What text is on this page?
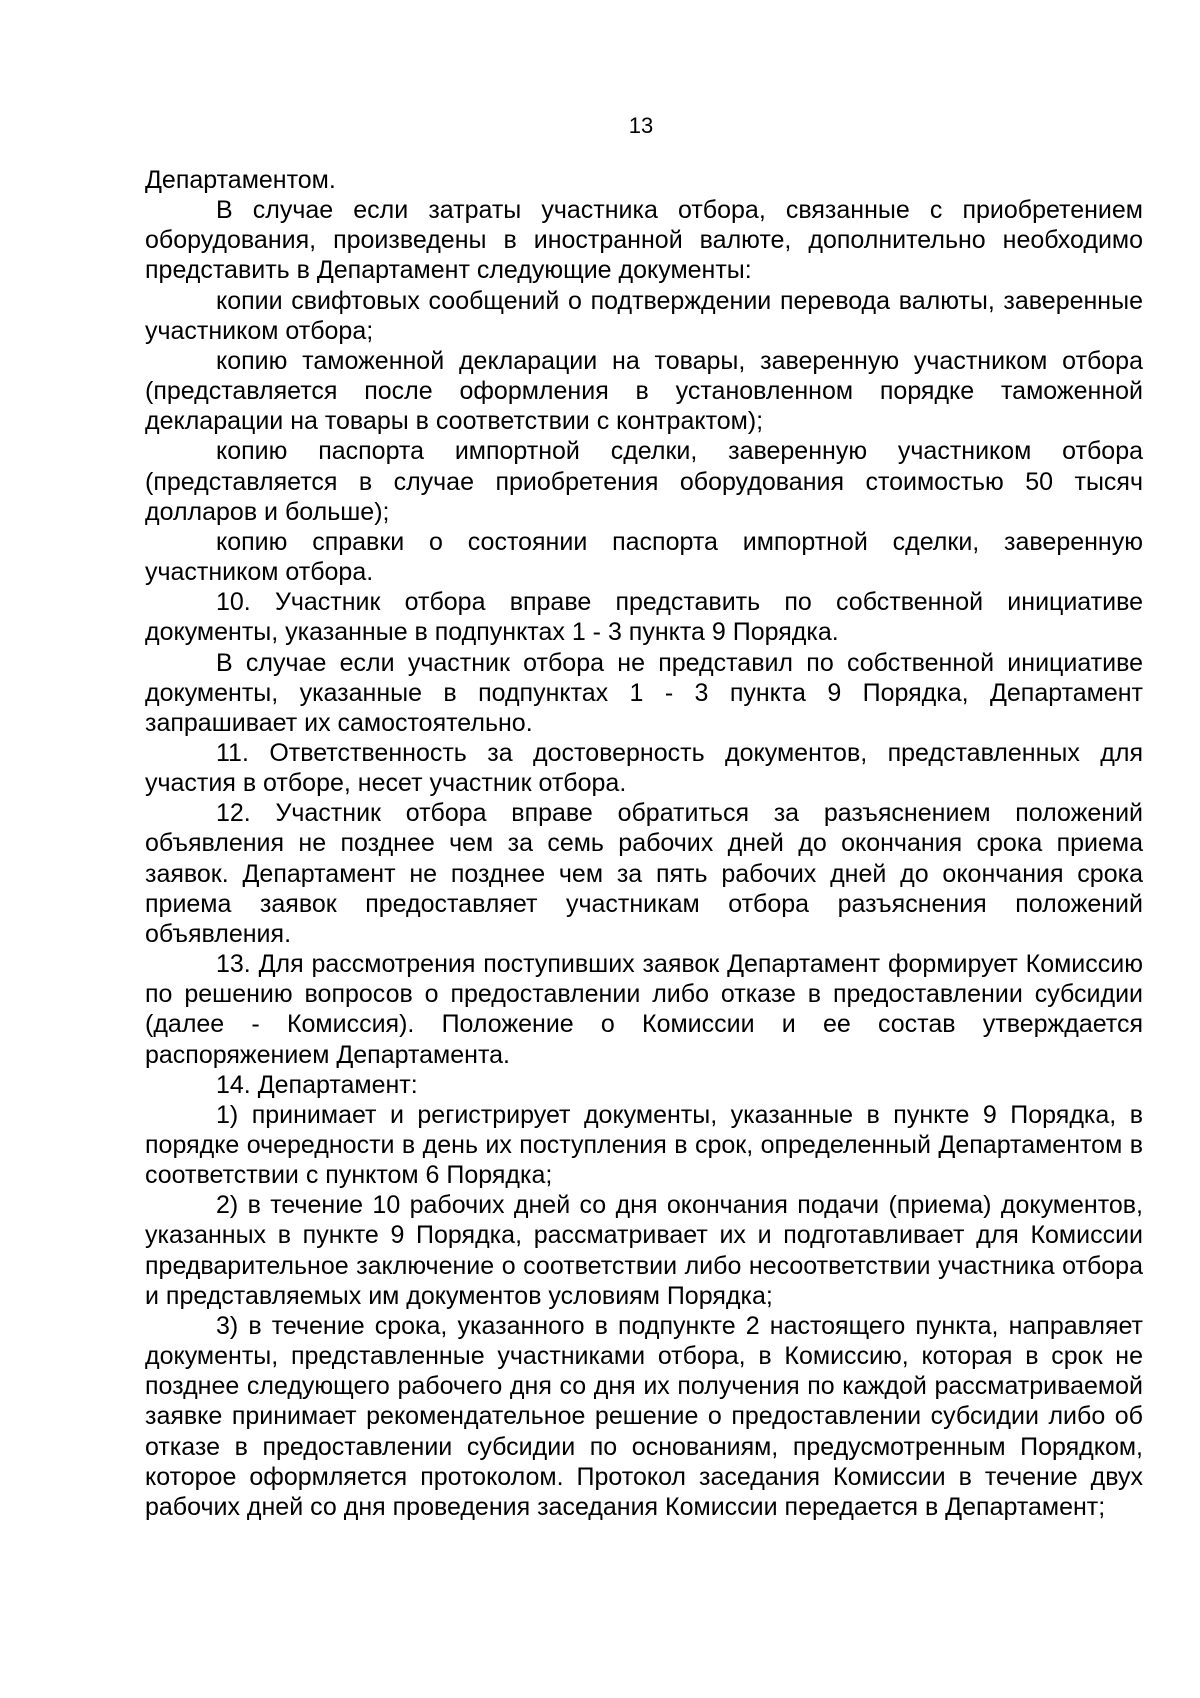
13

Департаментом.

В случае если затраты участника отбора, связанные с приобретением оборудования, произведены в иностранной валюте, дополнительно необходимо представить в Департамент следующие документы:

копии свифтовых сообщений о подтверждении перевода валюты, заверенные участником отбора;

копию таможенной декларации на товары, заверенную участником отбора (представляется после оформления в установленном порядке таможенной декларации на товары в соответствии с контрактом);

копию паспорта импортной сделки, заверенную участником отбора (представляется в случае приобретения оборудования стоимостью 50 тысяч долларов и больше);

копию справки о состоянии паспорта импортной сделки, заверенную участником отбора.

10. Участник отбора вправе представить по собственной инициативе документы, указанные в подпунктах 1 - 3 пункта 9 Порядка.

В случае если участник отбора не представил по собственной инициативе документы, указанные в подпунктах 1 - 3 пункта 9 Порядка, Департамент запрашивает их самостоятельно.

11. Ответственность за достоверность документов, представленных для участия в отборе, несет участник отбора.

12. Участник отбора вправе обратиться за разъяснением положений объявления не позднее чем за семь рабочих дней до окончания срока приема заявок. Департамент не позднее чем за пять рабочих дней до окончания срока приема заявок предоставляет участникам отбора разъяснения положений объявления.

13. Для рассмотрения поступивших заявок Департамент формирует Комиссию по решению вопросов о предоставлении либо отказе в предоставлении субсидии (далее - Комиссия). Положение о Комиссии и ее состав утверждается распоряжением Департамента.

14. Департамент:

1) принимает и регистрирует документы, указанные в пункте 9 Порядка, в порядке очередности в день их поступления в срок, определенный Департаментом в соответствии с пунктом 6 Порядка;

2) в течение 10 рабочих дней со дня окончания подачи (приема) документов, указанных в пункте 9 Порядка, рассматривает их и подготавливает для Комиссии предварительное заключение о соответствии либо несоответствии участника отбора и представляемых им документов условиям Порядка;

3) в течение срока, указанного в подпункте 2 настоящего пункта, направляет документы, представленные участниками отбора, в Комиссию, которая в срок не позднее следующего рабочего дня со дня их получения по каждой рассматриваемой заявке принимает рекомендательное решение о предоставлении субсидии либо об отказе в предоставлении субсидии по основаниям, предусмотренным Порядком, которое оформляется протоколом. Протокол заседания Комиссии в течение двух рабочих дней со дня проведения заседания Комиссии передается в Департамент;
